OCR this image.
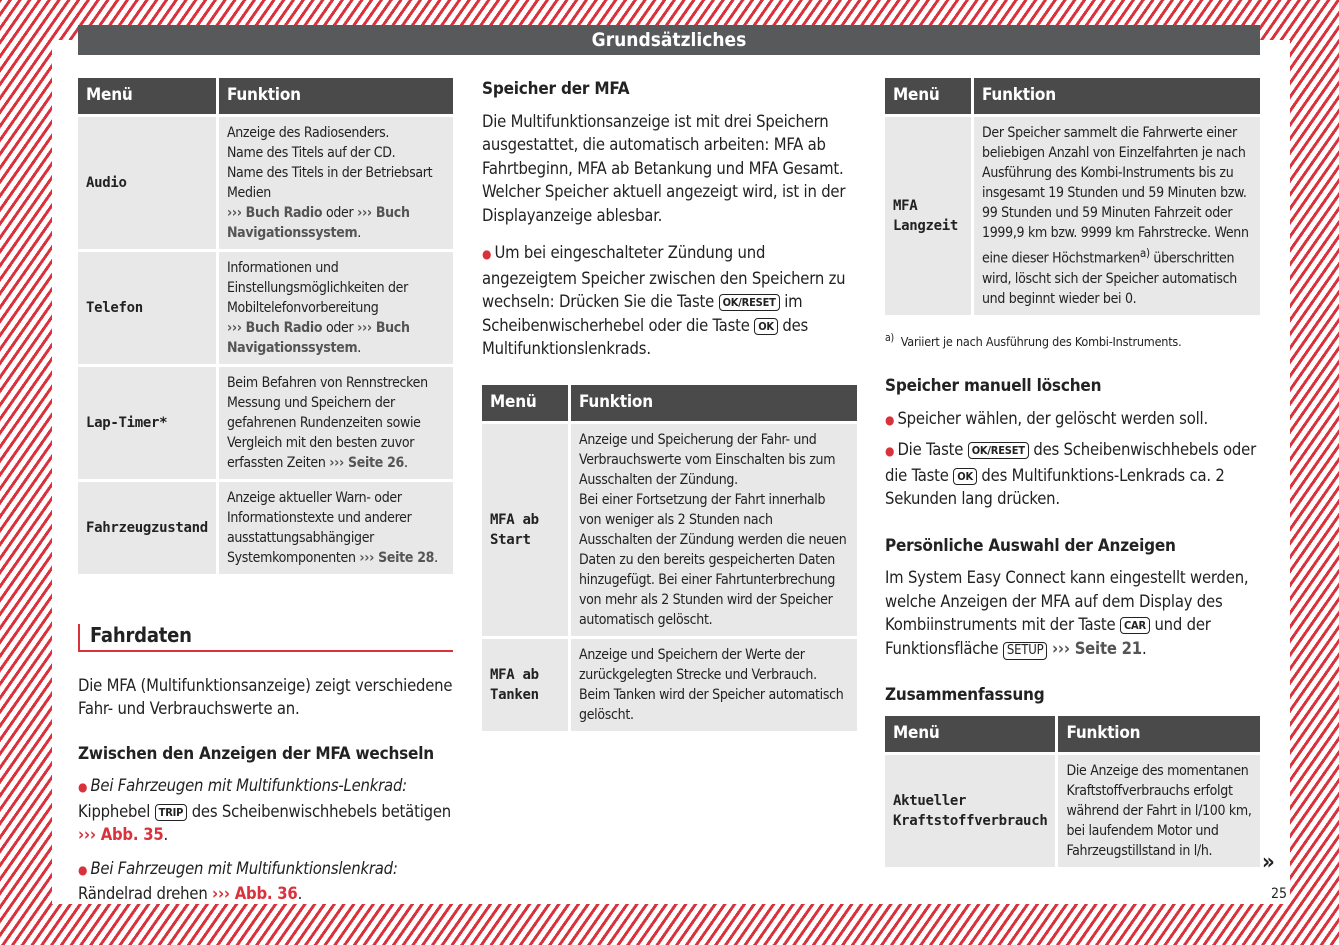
Grundsätzliches
Menü	Funktion
Audio	Anzeige des Radiosenders.
Name des Titels auf der CD.
Name des Titels in der Betriebsart Medien
››› Buch Radio oder ››› Buch Navigationssystem.
Telefon	Informationen und Einstellungsmöglichkeiten der Mobiltelefonvorbereitung
››› Buch Radio oder ››› Buch Navigationssystem.
Lap-Timer*	Beim Befahren von Rennstrecken Messung und Speichern der gefahrenen Rundenzeiten sowie Vergleich mit den besten zuvor erfassten Zeiten ››› Seite 26.
Fahrzeugzustand	Anzeige aktueller Warn- oder Informationstexte und anderer ausstattungsabhängiger Systemkomponenten ››› Seite 28.
Fahrdaten

Die MFA (Multifunktionsanzeige) zeigt verschiedene Fahr- und Verbrauchswerte an.

Zwischen den Anzeigen der MFA wechseln

● Bei Fahrzeugen mit Multifunktions-Lenkrad: Kipphebel TRIP des Scheibenwischhebels betätigen ››› Abb. 35.

● Bei Fahrzeugen mit Multifunktionslenkrad: Rändelrad drehen ››› Abb. 36.

Speicher der MFA

Die Multifunktionsanzeige ist mit drei Speichern ausgestattet, die automatisch arbeiten: MFA ab Fahrtbeginn, MFA ab Betankung und MFA Gesamt. Welcher Speicher aktuell angezeigt wird, ist in der Displayanzeige ablesbar.

● Um bei eingeschalteter Zündung und angezeigtem Speicher zwischen den Speichern zu wechseln: Drücken Sie die Taste OK/RESET im Scheibenwischerhebel oder die Taste OK des Multifunktionslenkrads.

Menü	Funktion
MFA ab Start	Anzeige und Speicherung der Fahr- und Verbrauchswerte vom Einschalten bis zum Ausschalten der Zündung.
Bei einer Fortsetzung der Fahrt innerhalb von weniger als 2 Stunden nach Ausschalten der Zündung werden die neuen Daten zu den bereits gespeicherten Daten hinzugefügt. Bei einer Fahrtunterbrechung von mehr als 2 Stunden wird der Speicher automatisch gelöscht.
MFA ab Tanken	Anzeige und Speichern der Werte der zurückgelegten Strecke und Verbrauch. Beim Tanken wird der Speicher automatisch gelöscht.
Menü	Funktion
MFA Langzeit	Der Speicher sammelt die Fahrwerte einer beliebigen Anzahl von Einzelfahrten je nach Ausführung des Kombi-Instruments bis zu insgesamt 19 Stunden und 59 Minuten bzw. 99 Stunden und 59 Minuten Fahrzeit oder 1999,9 km bzw. 9999 km Fahrstrecke. Wenn eine dieser Höchstmarken$^{a)}$ überschritten wird, löscht sich der Speicher automatisch und beginnt wieder bei 0.
$^{a)}$ Variiert je nach Ausführung des Kombi-Instruments.
Speicher manuell löschen

● Speicher wählen, der gelöscht werden soll.

● Die Taste OK/RESET des Scheibenwischhebels oder die Taste OK des Multifunktions-Lenkrads ca. 2 Sekunden lang drücken.

Persönliche Auswahl der Anzeigen

Im System Easy Connect kann eingestellt werden, welche Anzeigen der MFA auf dem Display des Kombiinstruments mit der Taste CAR und der Funktionsfläche SETUP ››› Seite 21.

Zusammenfassung
Menü	Funktion
Aktueller Kraftstoffverbrauch	Die Anzeige des momentanen Kraftstoffverbrauchs erfolgt während der Fahrt in l/100 km, bei laufendem Motor und Fahrzeugstillstand in l/h. »
25
